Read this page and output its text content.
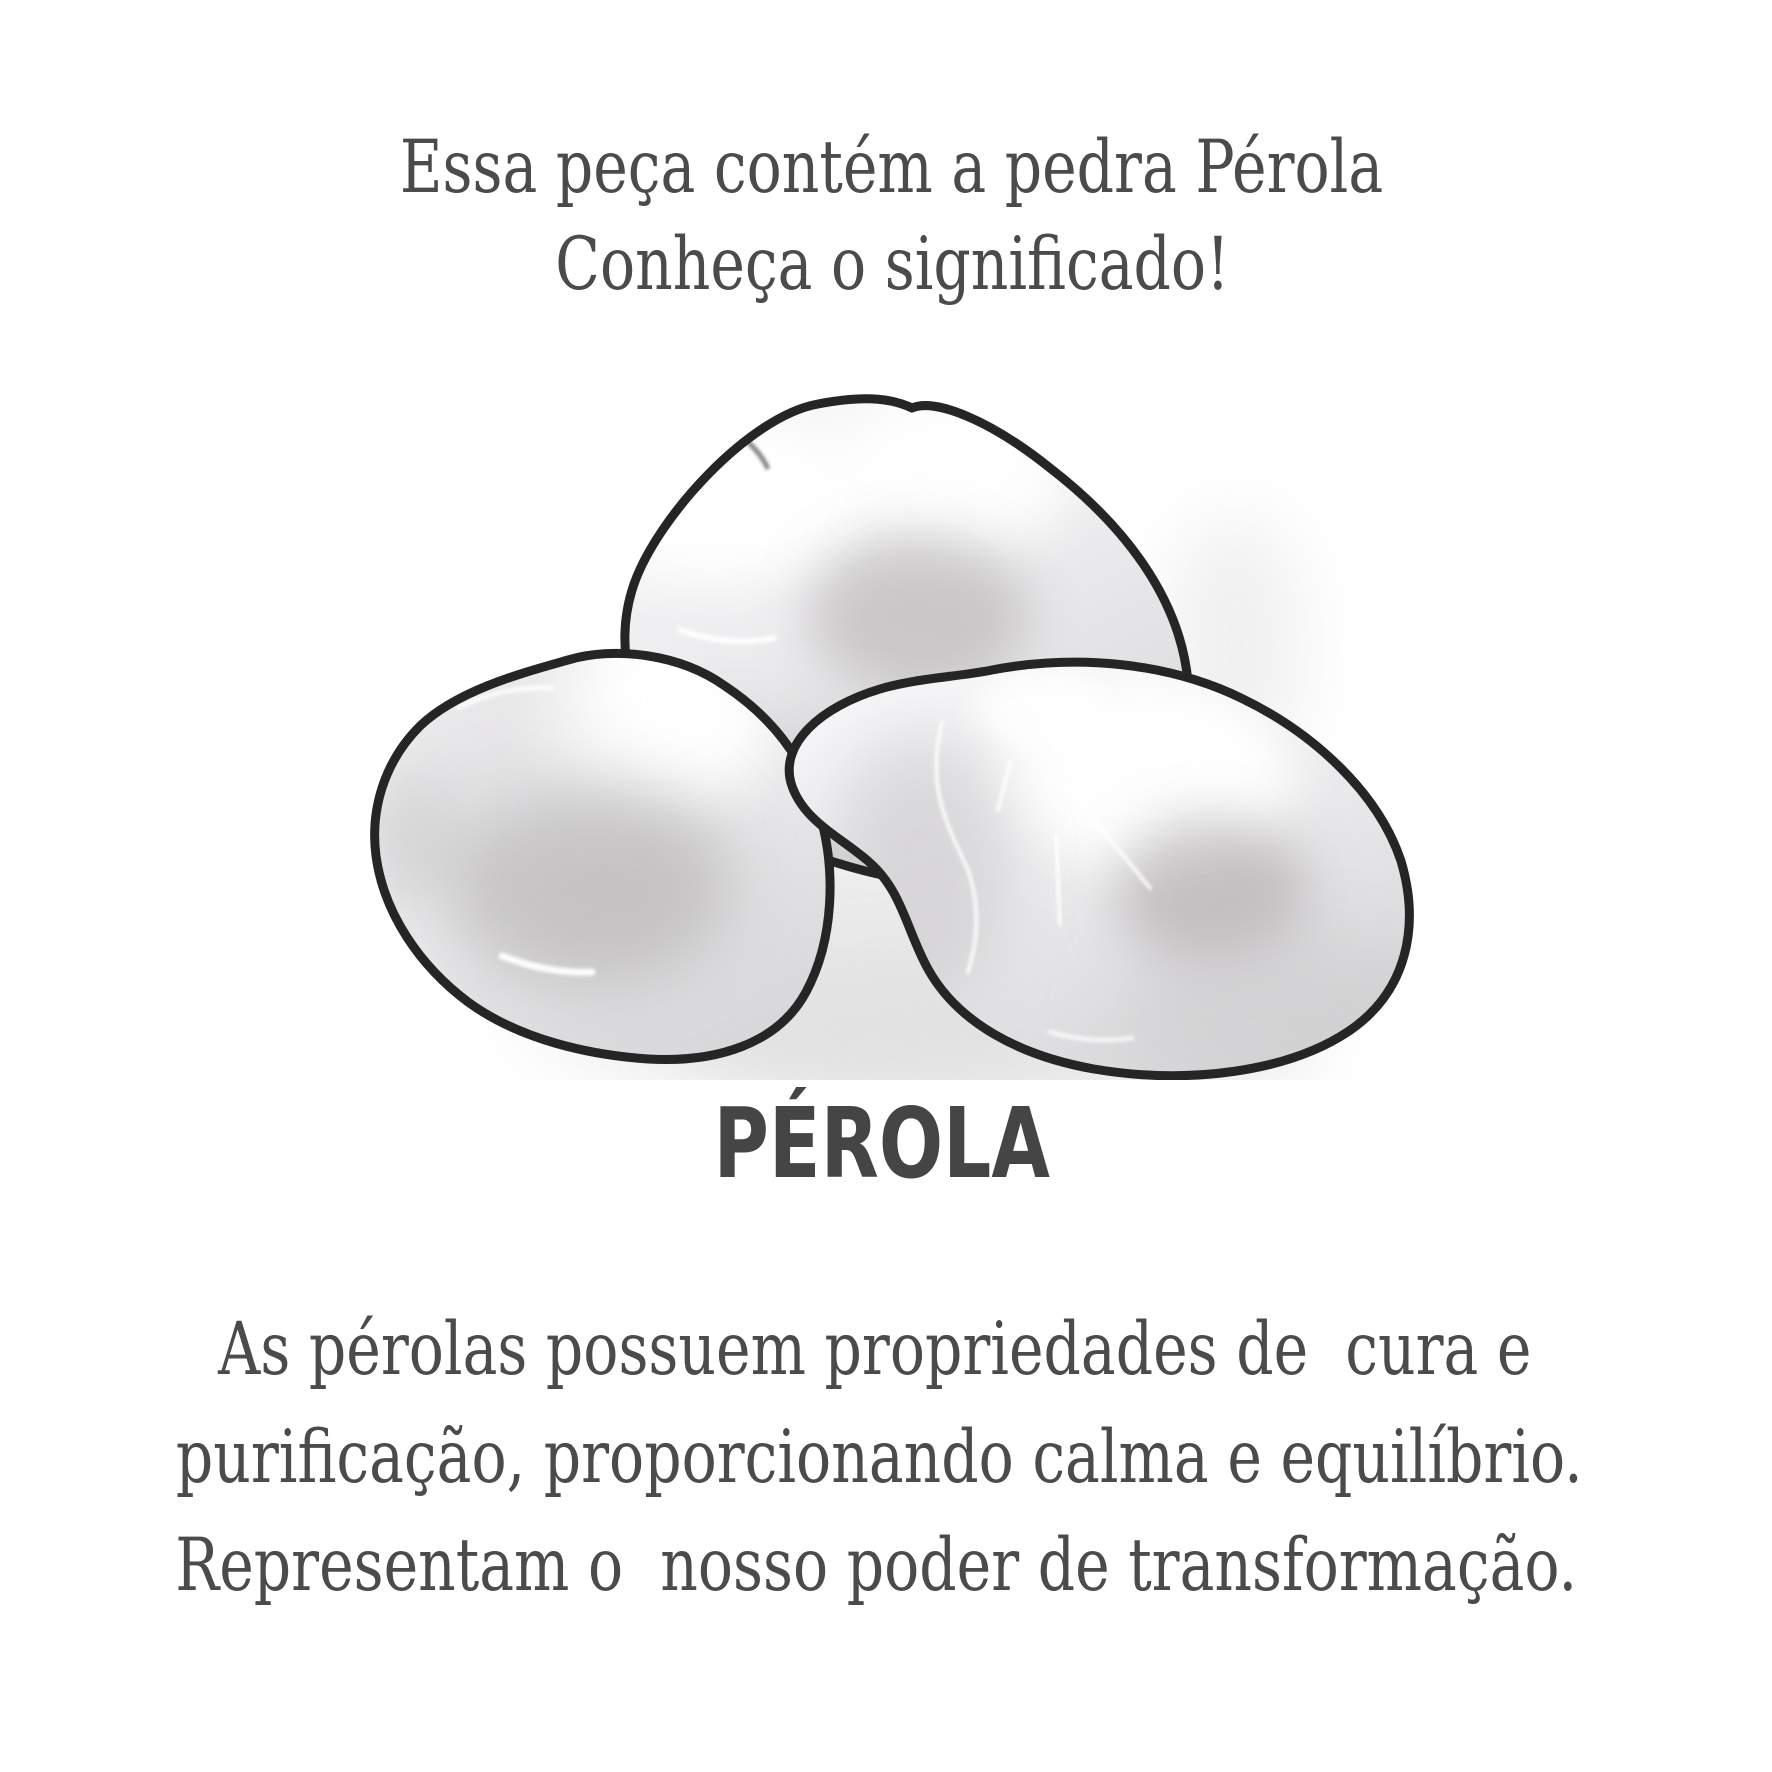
Essa peça contém a pedra Pérola
Conheça o significado!
PÉROLA
As pérolas possuem propriedades de  cura e
purificação, proporcionando calma e equilíbrio.
Representam o  nosso poder de transformação.
